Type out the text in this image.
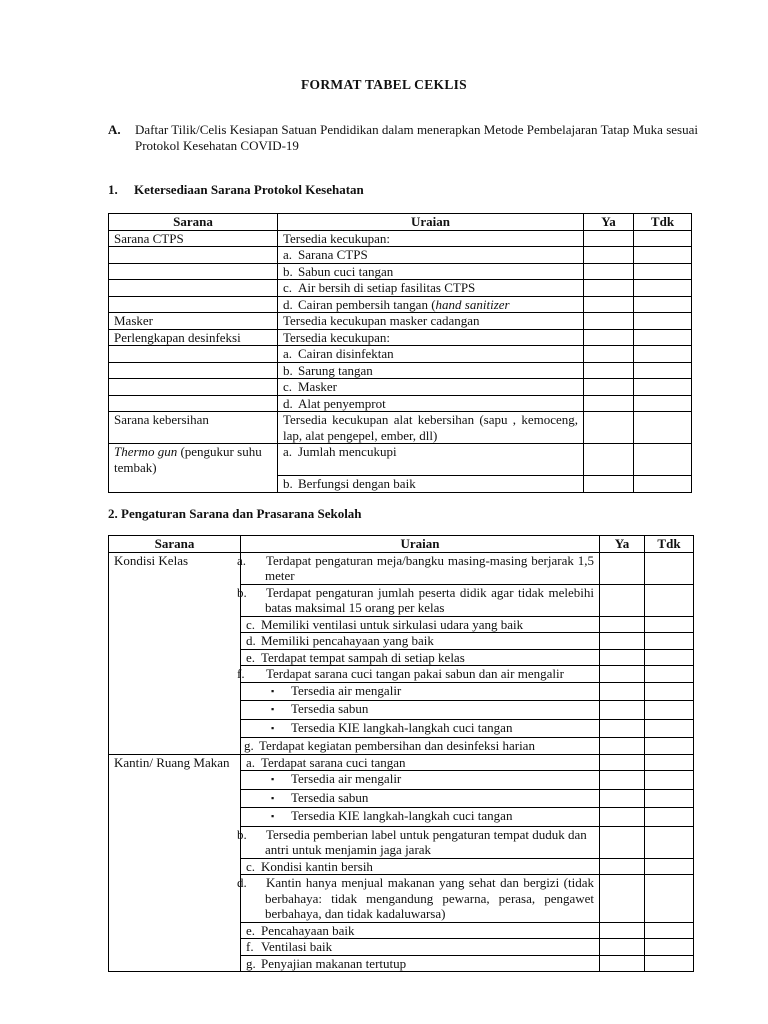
FORMAT TABEL CEKLIS
A. Daftar Tilik/Celis Kesiapan Satuan Pendidikan dalam menerapkan Metode Pembelajaran Tatap Muka sesuai Protokol Kesehatan COVID-19
1. Ketersediaan Sarana Protokol Kesehatan
Sarana	Uraian	Ya	Tdk
Sarana CTPS	Tersedia kecukupan:		
	a. Sarana CTPS		
	b. Sabun cuci tangan		
	c. Air bersih di setiap fasilitas CTPS		
	d. Cairan pembersih tangan (hand sanitizer		
Masker	Tersedia kecukupan masker cadangan		
Perlengkapan desinfeksi	Tersedia kecukupan:		
	a. Cairan disinfektan		
	b. Sarung tangan		
	c. Masker		
	d. Alat penyemprot		
Sarana kebersihan	Tersedia kecukupan alat kebersihan (sapu , kemoceng, lap, alat pengepel, ember, dll)		
Thermo gun (pengukur suhu tembak)	a. Jumlah mencukupi		
	b. Berfungsi dengan baik		
2. Pengaturan Sarana dan Prasarana Sekolah
Sarana	Uraian	Ya	Tdk
Kondisi Kelas	a. Terdapat pengaturan meja/bangku masing-masing berjarak 1,5 meter		

	b. Terdapat pengaturan jumlah peserta didik agar tidak melebihi batas maksimal 15 orang per kelas		

	c. Memiliki ventilasi untuk sirkulasi udara yang baik		
	d. Memiliki pencahayaan yang baik		
	e. Terdapat tempat sampah di setiap kelas		

	f. Terdapat sarana cuci tangan pakai sabun dan air mengalir		

	▪ Tersedia air mengalir		
	▪ Tersedia sabun		
	▪ Tersedia KIE langkah-langkah cuci tangan		
	g. Terdapat kegiatan pembersihan dan desinfeksi harian		
Kantin/ Ruang Makan	a. Terdapat sarana cuci tangan		
	▪ Tersedia air mengalir		
	▪ Tersedia sabun		
	▪ Tersedia KIE langkah-langkah cuci tangan		

	b. Tersedia pemberian label untuk pengaturan tempat duduk dan antri untuk menjamin jaga jarak		

	c. Kondisi kantin bersih		

	d. Kantin hanya menjual makanan yang sehat dan bergizi (tidak berbahaya: tidak mengandung pewarna, perasa, pengawet berbahaya, dan tidak kadaluwarsa)		

	e. Pencahayaan baik		
	f. Ventilasi baik		
	g. Penyajian makanan tertutup		
